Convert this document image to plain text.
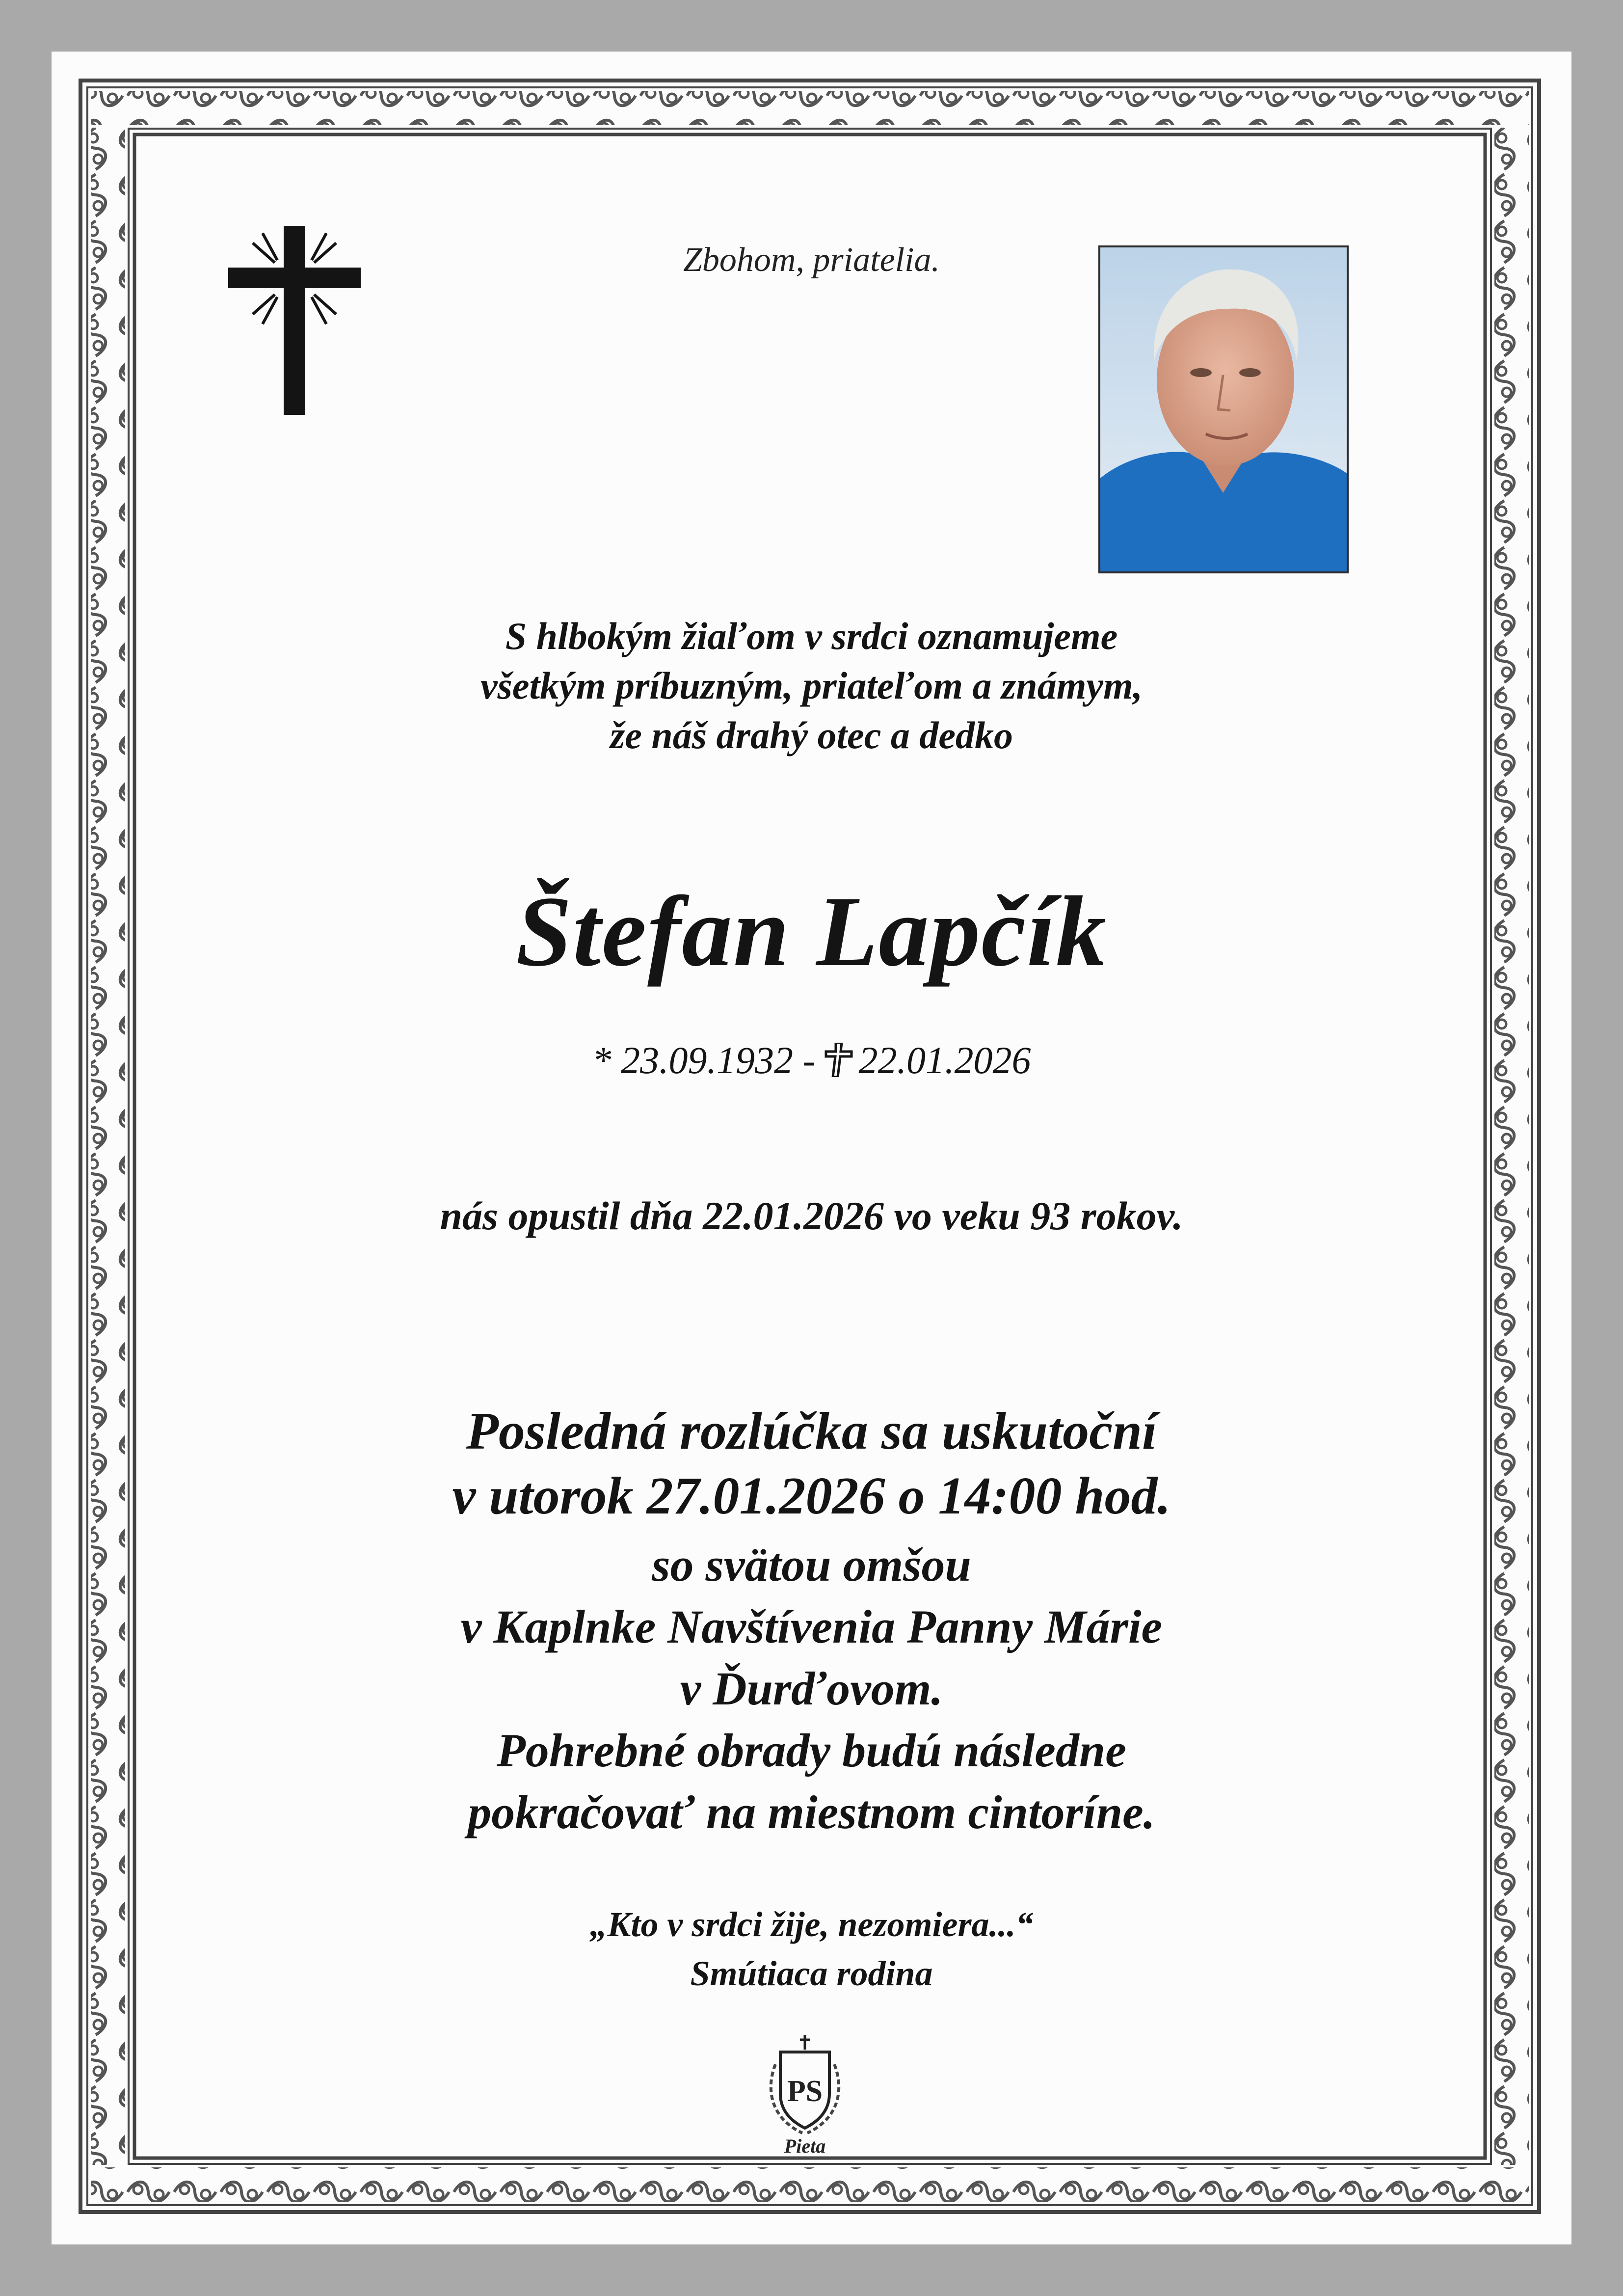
Zbohom, priatelia.
S hlbokým žiaľom v srdci oznamujeme
všetkým príbuzným, priateľom a známym,
že náš drahý otec a dedko
Štefan Lapčík
* 23.09.1932 - 22.01.2026
nás opustil dňa 22.01.2026 vo veku 93 rokov.
Posledná rozlúčka sa uskutoční
v utorok 27.01.2026 o 14:00 hod.
so svätou omšou
v Kaplnke Navštívenia Panny Márie
v Ďurďovom.
Pohrebné obrady budú následne
pokračovať na miestnom cintoríne.
„Kto v srdci žije, nezomiera...“
Smútiaca rodina
PS
Pieta
